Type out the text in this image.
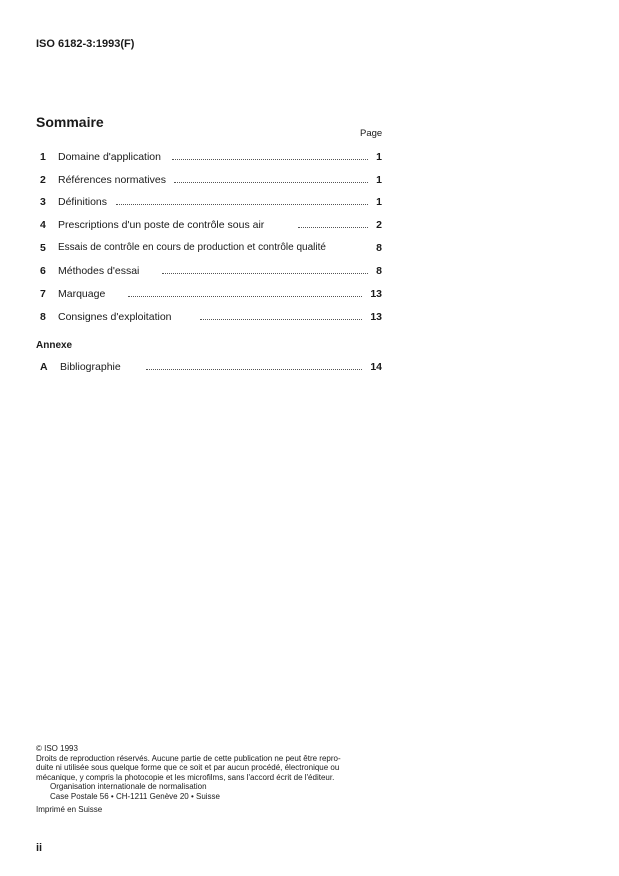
ISO 6182-3:1993(F)
Sommaire
Page
1 Domaine d'application	1
2 Références normatives	1
3 Définitions	1
4 Prescriptions d'un poste de contrôle sous air	2
5 Essais de contrôle en cours de production et contrôle qualité	8
6 Méthodes d'essai	8
7 Marquage	13
8 Consignes d'exploitation	13
Annexe
A Bibliographie	14
© ISO 1993
Droits de reproduction réservés. Aucune partie de cette publication ne peut être repro-
duite ni utilisée sous quelque forme que ce soit et par aucun procédé, électronique ou
mécanique, y compris la photocopie et les microfilms, sans l'accord écrit de l'éditeur.
Organisation internationale de normalisation
Case Postale 56 • CH-1211 Genève 20 • Suisse
Imprimé en Suisse
ii
